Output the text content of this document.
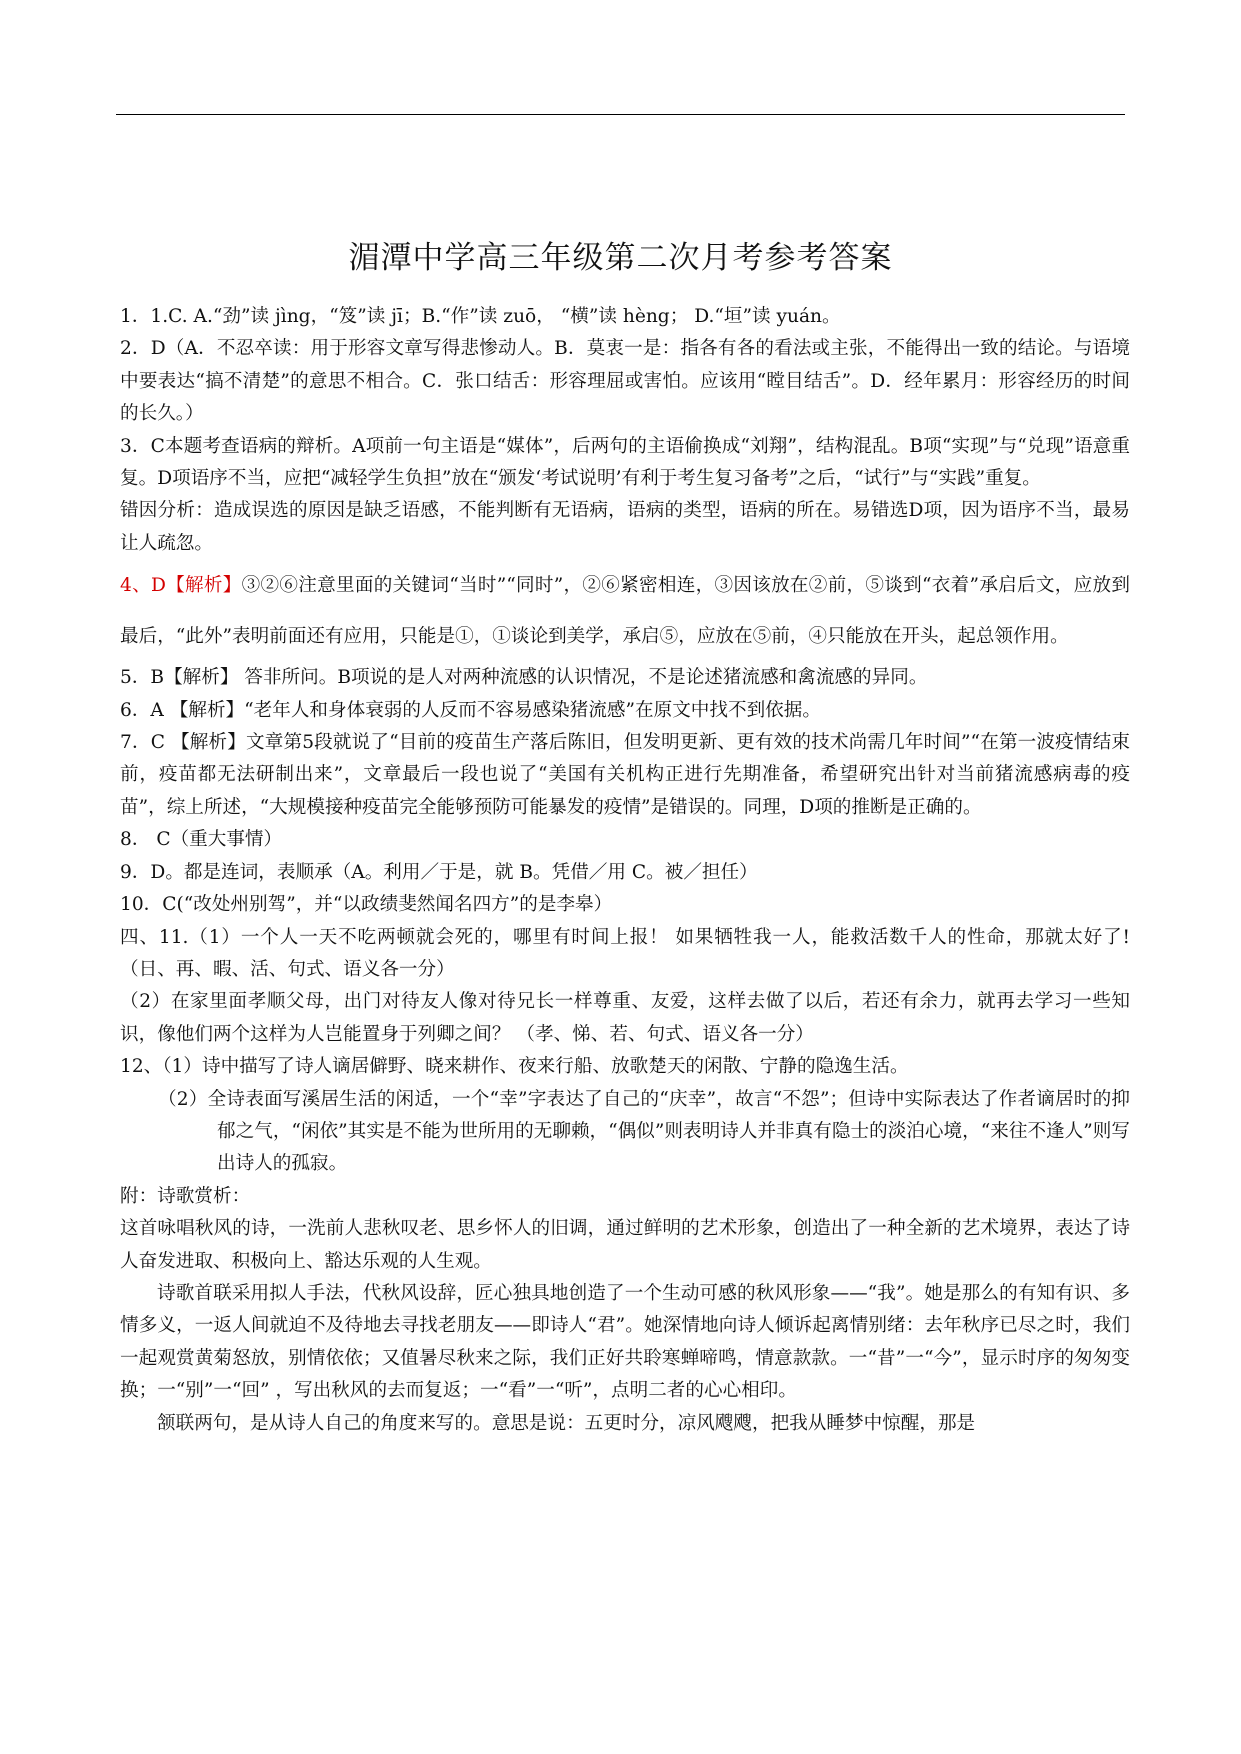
湄潭中学高三年级第二次月考参考答案

1．1.C. A.“劲”读 jìng，“笈”读 jī；B.“作”读 zuō， “横”读 hèng； D.“垣”读 yuán。

2．D（A．不忍卒读：用于形容文章写得悲惨动人。B．莫衷一是：指各有各的看法或主张，不能得出一致的结论。与语境中要表达“搞不清楚”的意思不相合。C．张口结舌：形容理屈或害怕。应该用“瞠目结舌”。D．经年累月：形容经历的时间的长久。）

3．C本题考查语病的辩析。A项前一句主语是“媒体”，后两句的主语偷换成“刘翔”，结构混乱。B项“实现”与“兑现”语意重复。D项语序不当，应把“减轻学生负担”放在“颁发‘考试说明’有利于考生复习备考”之后，“试行”与“实践”重复。

错因分析：造成误选的原因是缺乏语感，不能判断有无语病，语病的类型，语病的所在。易错选D项，因为语序不当，最易让人疏忽。

4、D【解析】③②⑥注意里面的关键词“当时”“同时”，②⑥紧密相连，③因该放在②前，⑤谈到“衣着”承启后文，应放到最后，“此外”表明前面还有应用，只能是①，①谈论到美学，承启⑤，应放在⑤前，④只能放在开头，起总领作用。

5．B【解析】 答非所问。B项说的是人对两种流感的认识情况，不是论述猪流感和禽流感的异同。

6．A 【解析】“老年人和身体衰弱的人反而不容易感染猪流感”在原文中找不到依据。

7．C 【解析】文章第5段就说了“目前的疫苗生产落后陈旧，但发明更新、更有效的技术尚需几年时间”“在第一波疫情结束前，疫苗都无法研制出来”，文章最后一段也说了“美国有关机构正进行先期准备，希望研究出针对当前猪流感病毒的疫苗”，综上所述，“大规模接种疫苗完全能够预防可能暴发的疫情”是错误的。同理，D项的推断是正确的。

8． C（重大事情）

9．D。都是连词，表顺承（A。利用／于是，就 B。凭借／用 C。被／担任）

10．C(“改处州别驾”，并“以政绩斐然闻名四方”的是李皋）

四、11.（1）一个人一天不吃两顿就会死的，哪里有时间上报！ 如果牺牲我一人，能救活数千人的性命，那就太好了!（日、再、暇、活、句式、语义各一分）

（2）在家里面孝顺父母，出门对待友人像对待兄长一样尊重、友爱，这样去做了以后，若还有余力，就再去学习一些知识，像他们两个这样为人岂能置身于列卿之间？ （孝、悌、若、句式、语义各一分）

12、（1）诗中描写了诗人谪居僻野、晓来耕作、夜来行船、放歌楚天的闲散、宁静的隐逸生活。

（2）全诗表面写溪居生活的闲适，一个“幸”字表达了自己的“庆幸”，故言“不怨”；但诗中实际表达了作者谪居时的抑郁之气，“闲依”其实是不能为世所用的无聊赖，“偶似”则表明诗人并非真有隐士的淡泊心境，“来往不逢人”则写出诗人的孤寂。

附：诗歌赏析：

这首咏唱秋风的诗，一洗前人悲秋叹老、思乡怀人的旧调，通过鲜明的艺术形象，创造出了一种全新的艺术境界，表达了诗人奋发进取、积极向上、豁达乐观的人生观。

诗歌首联采用拟人手法，代秋风设辞，匠心独具地创造了一个生动可感的秋风形象——“我”。她是那么的有知有识、多情多义，一返人间就迫不及待地去寻找老朋友——即诗人“君”。她深情地向诗人倾诉起离情别绪：去年秋序已尽之时，我们一起观赏黄菊怒放，别情依依；又值暑尽秋来之际，我们正好共聆寒蝉啼鸣，情意款款。一“昔”一“今”，显示时序的匆匆变换；一“别”一“回” ，写出秋风的去而复返；一“看”一“听”，点明二者的心心相印。

颔联两句，是从诗人自己的角度来写的。意思是说：五更时分，凉风飕飕，把我从睡梦中惊醒，那是
